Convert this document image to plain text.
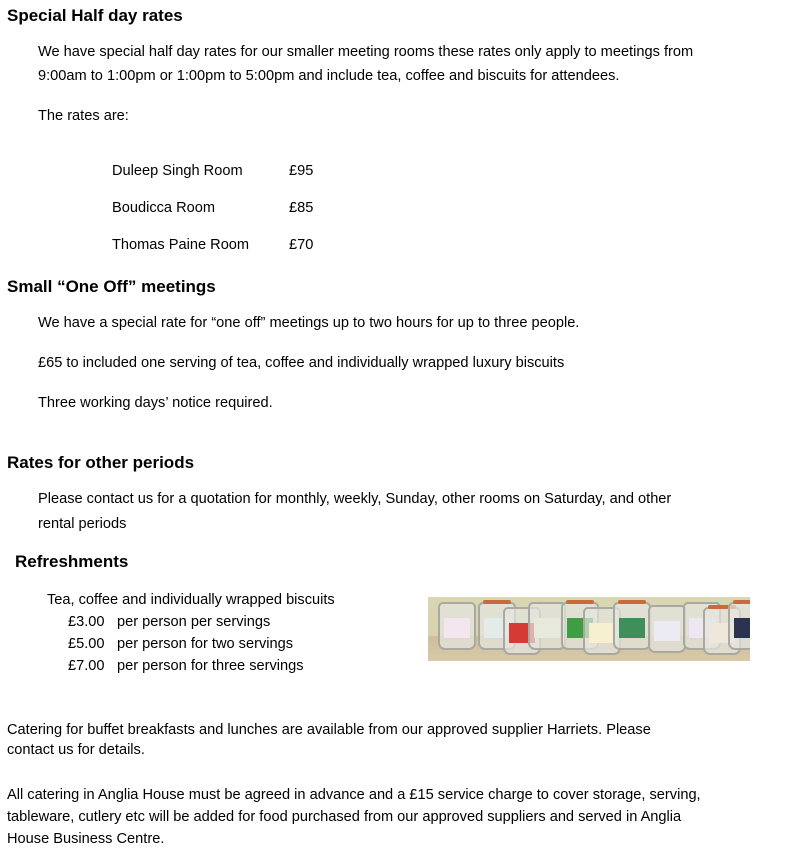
Special Half day rates
We have special half day rates for our smaller meeting rooms these rates only apply to meetings from
9:00am to 1:00pm or 1:00pm to 5:00pm and include tea, coffee and biscuits for attendees.
The rates are:
Duleep Singh Room	£95
Boudicca Room	£85
Thomas Paine Room	£70
Small “One Off” meetings
We have a special rate for “one off” meetings up to two hours for up to three people.
£65 to included one serving of tea, coffee and individually wrapped luxury biscuits
Three working days’ notice required.
Rates for other periods
Please contact us for a quotation for monthly, weekly, Sunday, other rooms on Saturday, and other
rental periods
Refreshments
Tea, coffee and individually wrapped biscuits
£3.00 per person per servings
£5.00 per person for two servings
£7.00 per person for three servings
Catering for buffet breakfasts and lunches are available from our approved supplier Harriets. Please
contact us for details.
All catering in Anglia House must be agreed in advance and a £15 service charge to cover storage, serving,
tableware, cutlery etc will be added for food purchased from our approved suppliers and served in Anglia
House Business Centre.
